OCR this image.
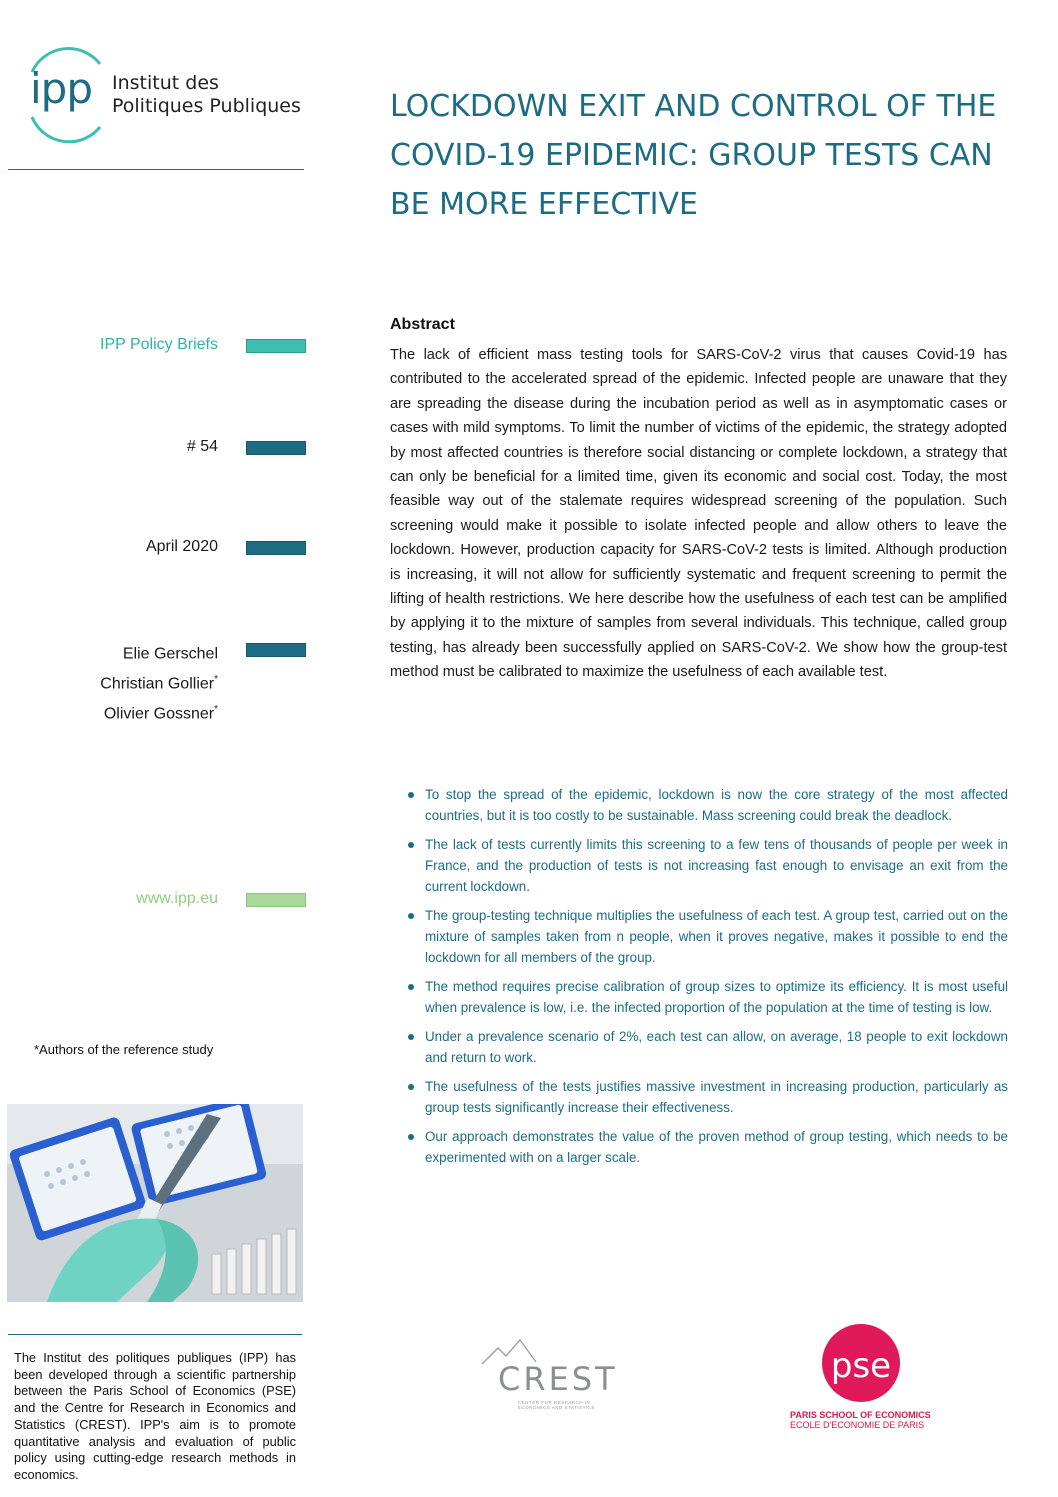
ipp Institut des
Politiques Publiques	LOCKDOWN EXIT AND CONTROL OF THE COVID-19 EPIDEMIC: GROUP TESTS CAN BE MORE EFFECTIVE
IPP Policy Briefs
# 54
April 2020
Elie Gerschel
Christian Gollier*
Olivier Gossner*
www.ipp.eu
*Authors of the reference study
Abstract
The lack of efficient mass testing tools for SARS-CoV-2 virus that causes Covid-19 has contributed to the accelerated spread of the epidemic. Infected people are unaware that they are spreading the disease during the incubation period as well as in asymptomatic cases or cases with mild symptoms. To limit the number of victims of the epidemic, the strategy adopted by most affected countries is therefore social distancing or complete lockdown, a strategy that can only be beneficial for a limited time, given its economic and social cost. Today, the most feasible way out of the stalemate requires widespread screening of the population. Such screening would make it possible to isolate infected people and allow others to leave the lockdown. However, production capacity for SARS-CoV-2 tests is limited. Although production is increasing, it will not allow for sufficiently systematic and frequent screening to permit the lifting of health restrictions. We here describe how the usefulness of each test can be amplified by applying it to the mixture of samples from several individuals. This technique, called group testing, has already been successfully applied on SARS-CoV-2. We show how the group-test method must be calibrated to maximize the usefulness of each available test.
To stop the spread of the epidemic, lockdown is now the core strategy of the most affected countries, but it is too costly to be sustainable. Mass screening could break the deadlock.
The lack of tests currently limits this screening to a few tens of thousands of people per week in France, and the production of tests is not increasing fast enough to envisage an exit from the current lockdown.
The group-testing technique multiplies the usefulness of each test. A group test, carried out on the mixture of samples taken from n people, when it proves negative, makes it possible to end the lockdown for all members of the group.
The method requires precise calibration of group sizes to optimize its efficiency. It is most useful when prevalence is low, i.e. the infected proportion of the population at the time of testing is low.
Under a prevalence scenario of 2%, each test can allow, on average, 18 people to exit lockdown and return to work.
The usefulness of the tests justifies massive investment in increasing production, particularly as group tests significantly increase their effectiveness.
Our approach demonstrates the value of the proven method of group testing, which needs to be experimented with on a larger scale.
The Institut des politiques publiques (IPP) has been developed through a scientific partnership between the Paris School of Economics (PSE) and the Centre for Research in Economics and Statistics (CREST). IPP's aim is to promote quantitative analysis and evaluation of public policy using cutting-edge research methods in economics.
CREST
CENTER FOR RESEARCH IN ECONOMICS AND STATISTICS
pse
PARIS SCHOOL OF ECONOMICS
ECOLE D'ECONOMIE DE PARIS
